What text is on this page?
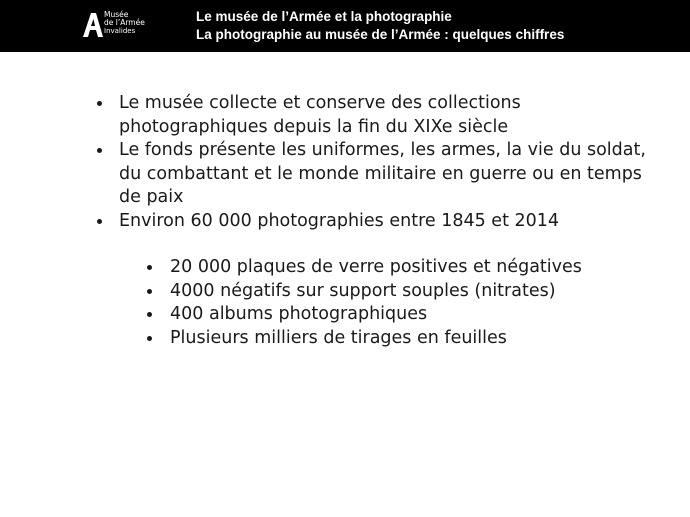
Musée
de l’Armée
Invalides
Le musée de l’Armée et la photographie
La photographie au musée de l’Armée : quelques chiffres
Le musée collecte et conserve des collections photographiques depuis la fin du XIXe siècle
Le fonds présente les uniformes, les armes, la vie du soldat, du combattant et le monde militaire en guerre ou en temps de paix
Environ 60 000 photographies entre 1845 et 2014
20 000 plaques de verre positives et négatives
4000 négatifs sur support souples (nitrates)
400 albums photographiques
Plusieurs milliers de tirages en feuilles
